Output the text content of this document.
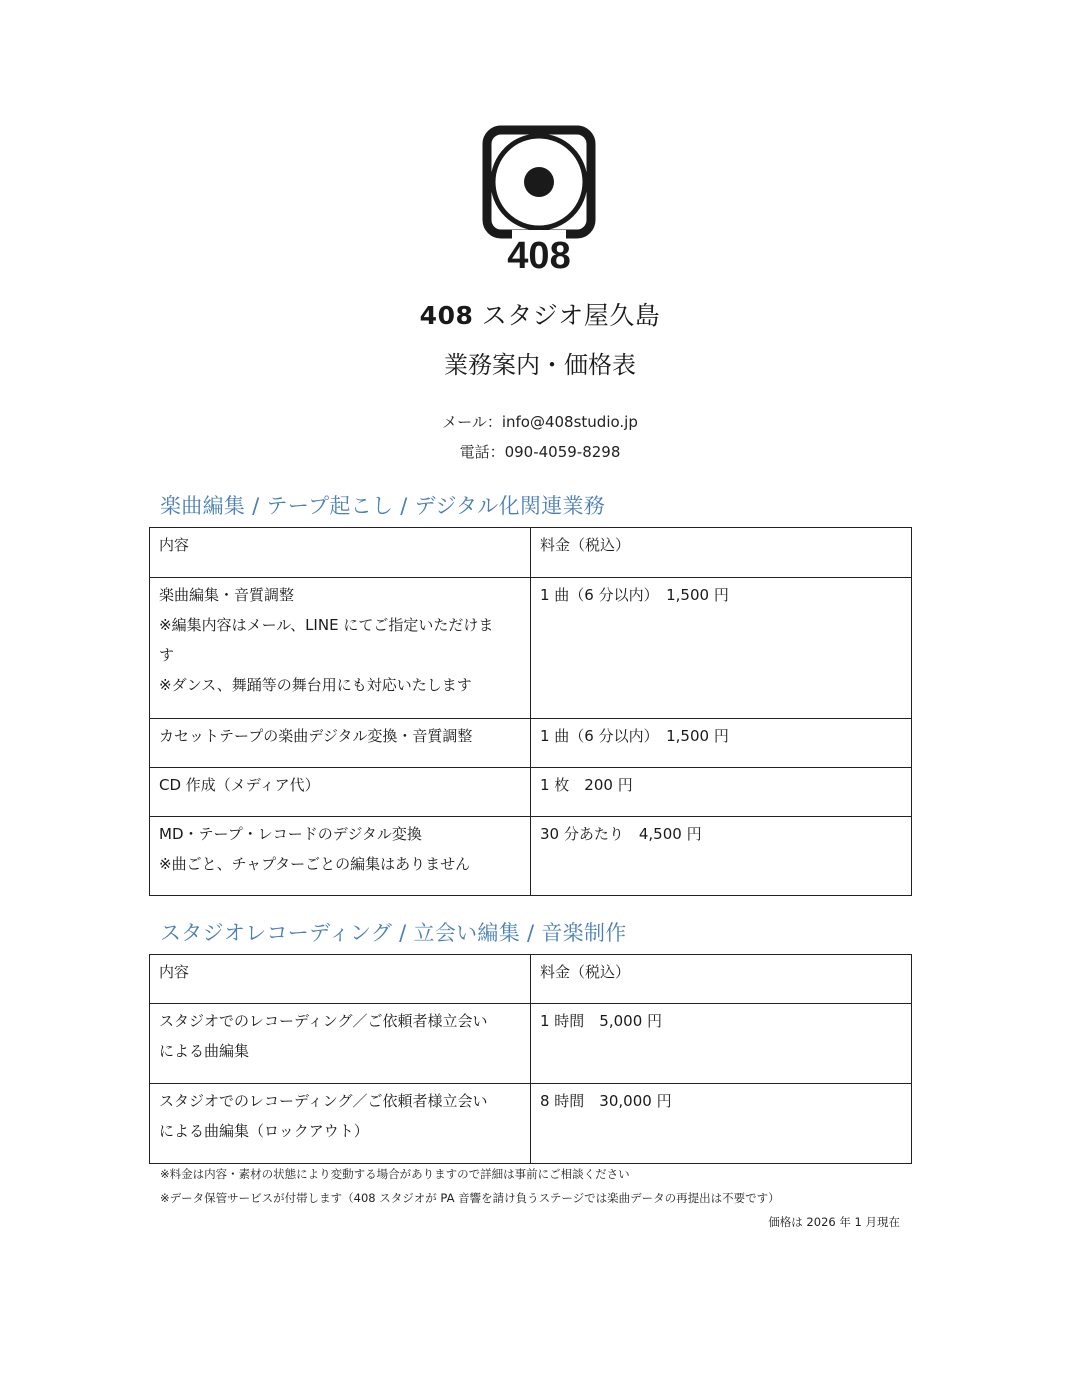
408
408 スタジオ屋久島
業務案内・価格表
メール：info@408studio.jp
電話：090-4059-8298
楽曲編集 / テープ起こし / デジタル化関連業務
内容	料金（税込）

楽曲編集・音質調整
※編集内容はメール、LINE にてご指定いただけま
す
※ダンス、舞踊等の舞台用にも対応いたします	1 曲（6 分以内）　1,500 円

カセットテープの楽曲デジタル変換・音質調整	1 曲（6 分以内）　1,500 円

CD 作成（メディア代）	1 枚　200 円

MD・テープ・レコードのデジタル変換
※曲ごと、チャプターごとの編集はありません	30 分あたり　4,500 円
スタジオレコーディング / 立会い編集 / 音楽制作
内容	料金（税込）

スタジオでのレコーディング／ご依頼者様立会い
による曲編集	1 時間　5,000 円

スタジオでのレコーディング／ご依頼者様立会い
による曲編集（ロックアウト）	8 時間　30,000 円
※料金は内容・素材の状態により変動する場合がありますので詳細は事前にご相談ください
※データ保管サービスが付帯します（408 スタジオが PA 音響を請け負うステージでは楽曲データの再提出は不要です）
価格は 2026 年 1 月現在
